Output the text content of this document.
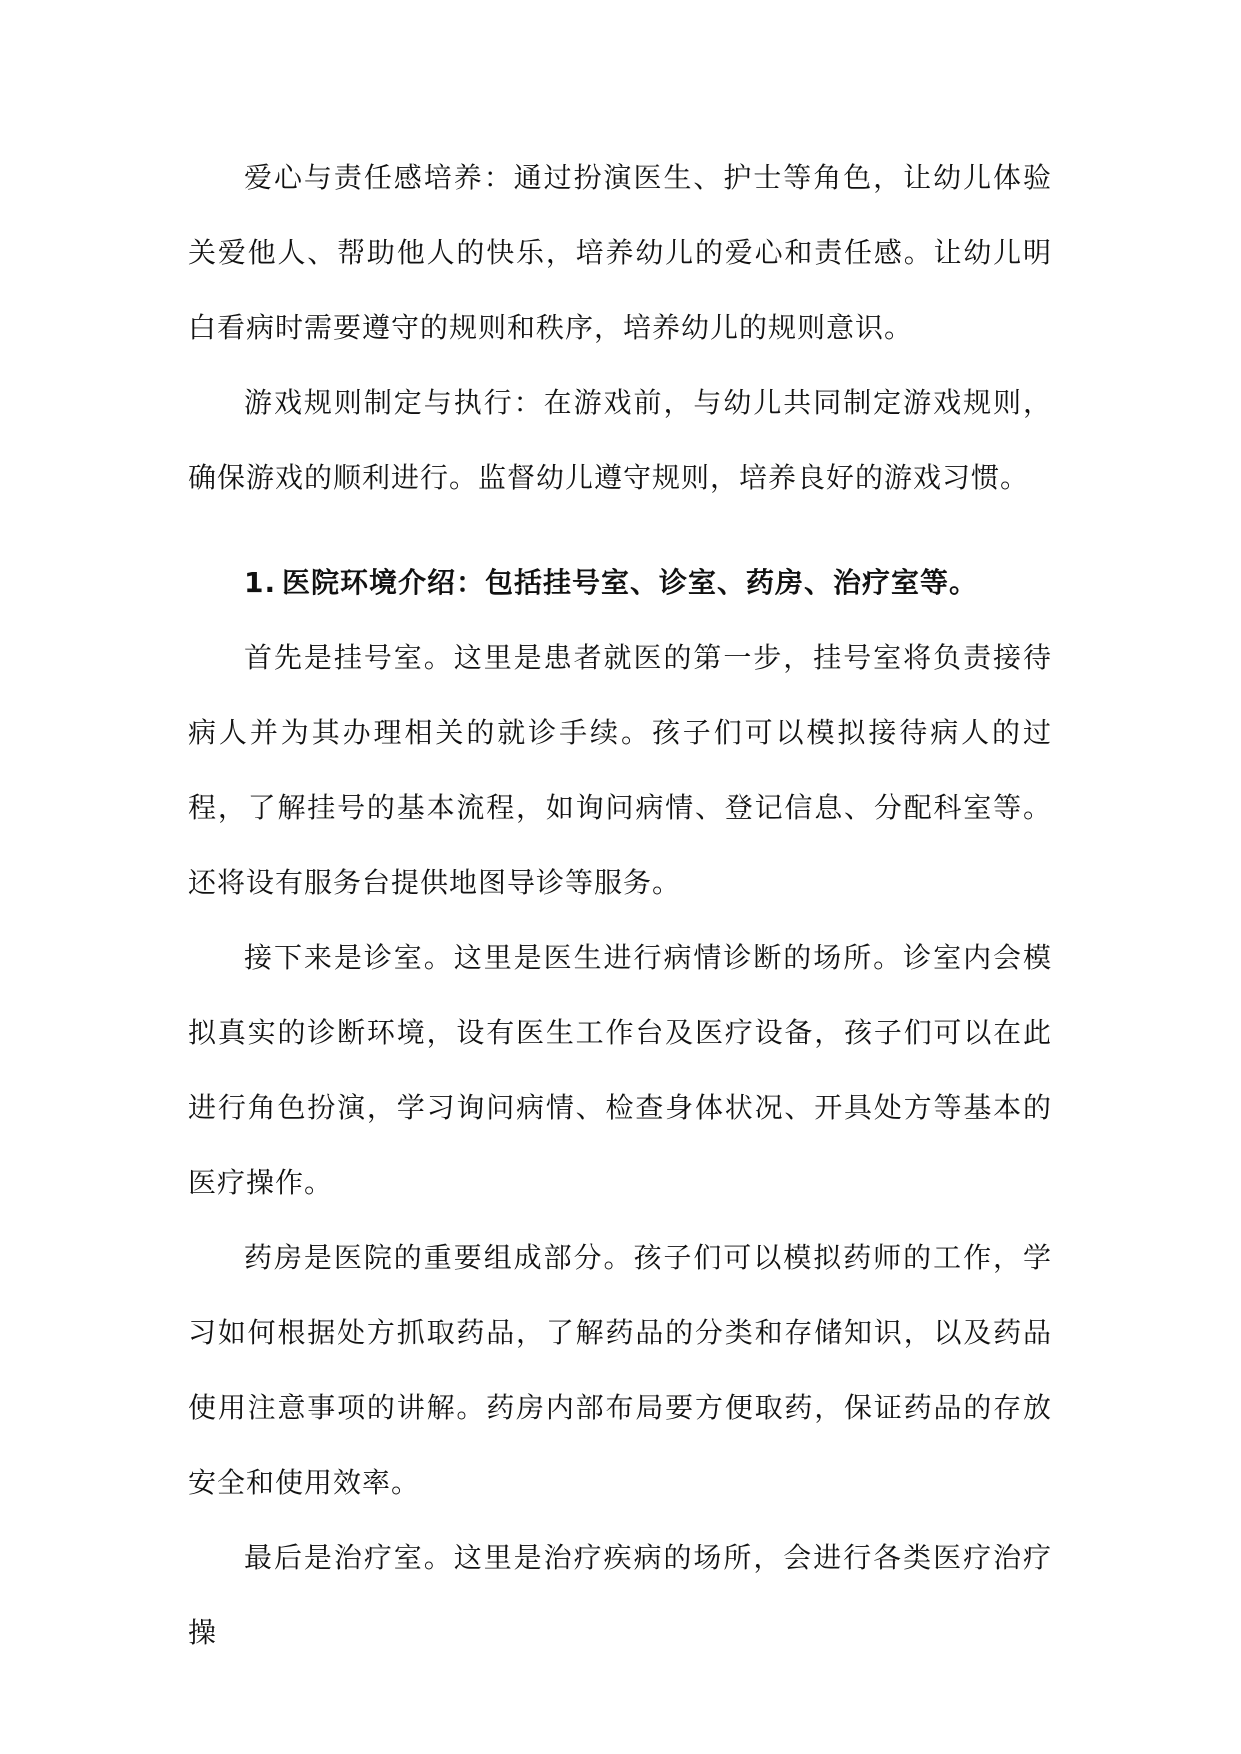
爱心与责任感培养：通过扮演医生、护士等角色，让幼儿体验关爱他人、帮助他人的快乐，培养幼儿的爱心和责任感。让幼儿明白看病时需要遵守的规则和秩序，培养幼儿的规则意识。

游戏规则制定与执行：在游戏前，与幼儿共同制定游戏规则，确保游戏的顺利进行。监督幼儿遵守规则，培养良好的游戏习惯。

1. 医院环境介绍：包括挂号室、诊室、药房、治疗室等。

首先是挂号室。这里是患者就医的第一步，挂号室将负责接待病人并为其办理相关的就诊手续。孩子们可以模拟接待病人的过程，了解挂号的基本流程，如询问病情、登记信息、分配科室等。还将设有服务台提供地图导诊等服务。

接下来是诊室。这里是医生进行病情诊断的场所。诊室内会模拟真实的诊断环境，设有医生工作台及医疗设备，孩子们可以在此进行角色扮演，学习询问病情、检查身体状况、开具处方等基本的医疗操作。

药房是医院的重要组成部分。孩子们可以模拟药师的工作，学习如何根据处方抓取药品，了解药品的分类和存储知识，以及药品使用注意事项的讲解。药房内部布局要方便取药，保证药品的存放安全和使用效率。

最后是治疗室。这里是治疗疾病的场所，会进行各类医疗治疗操
